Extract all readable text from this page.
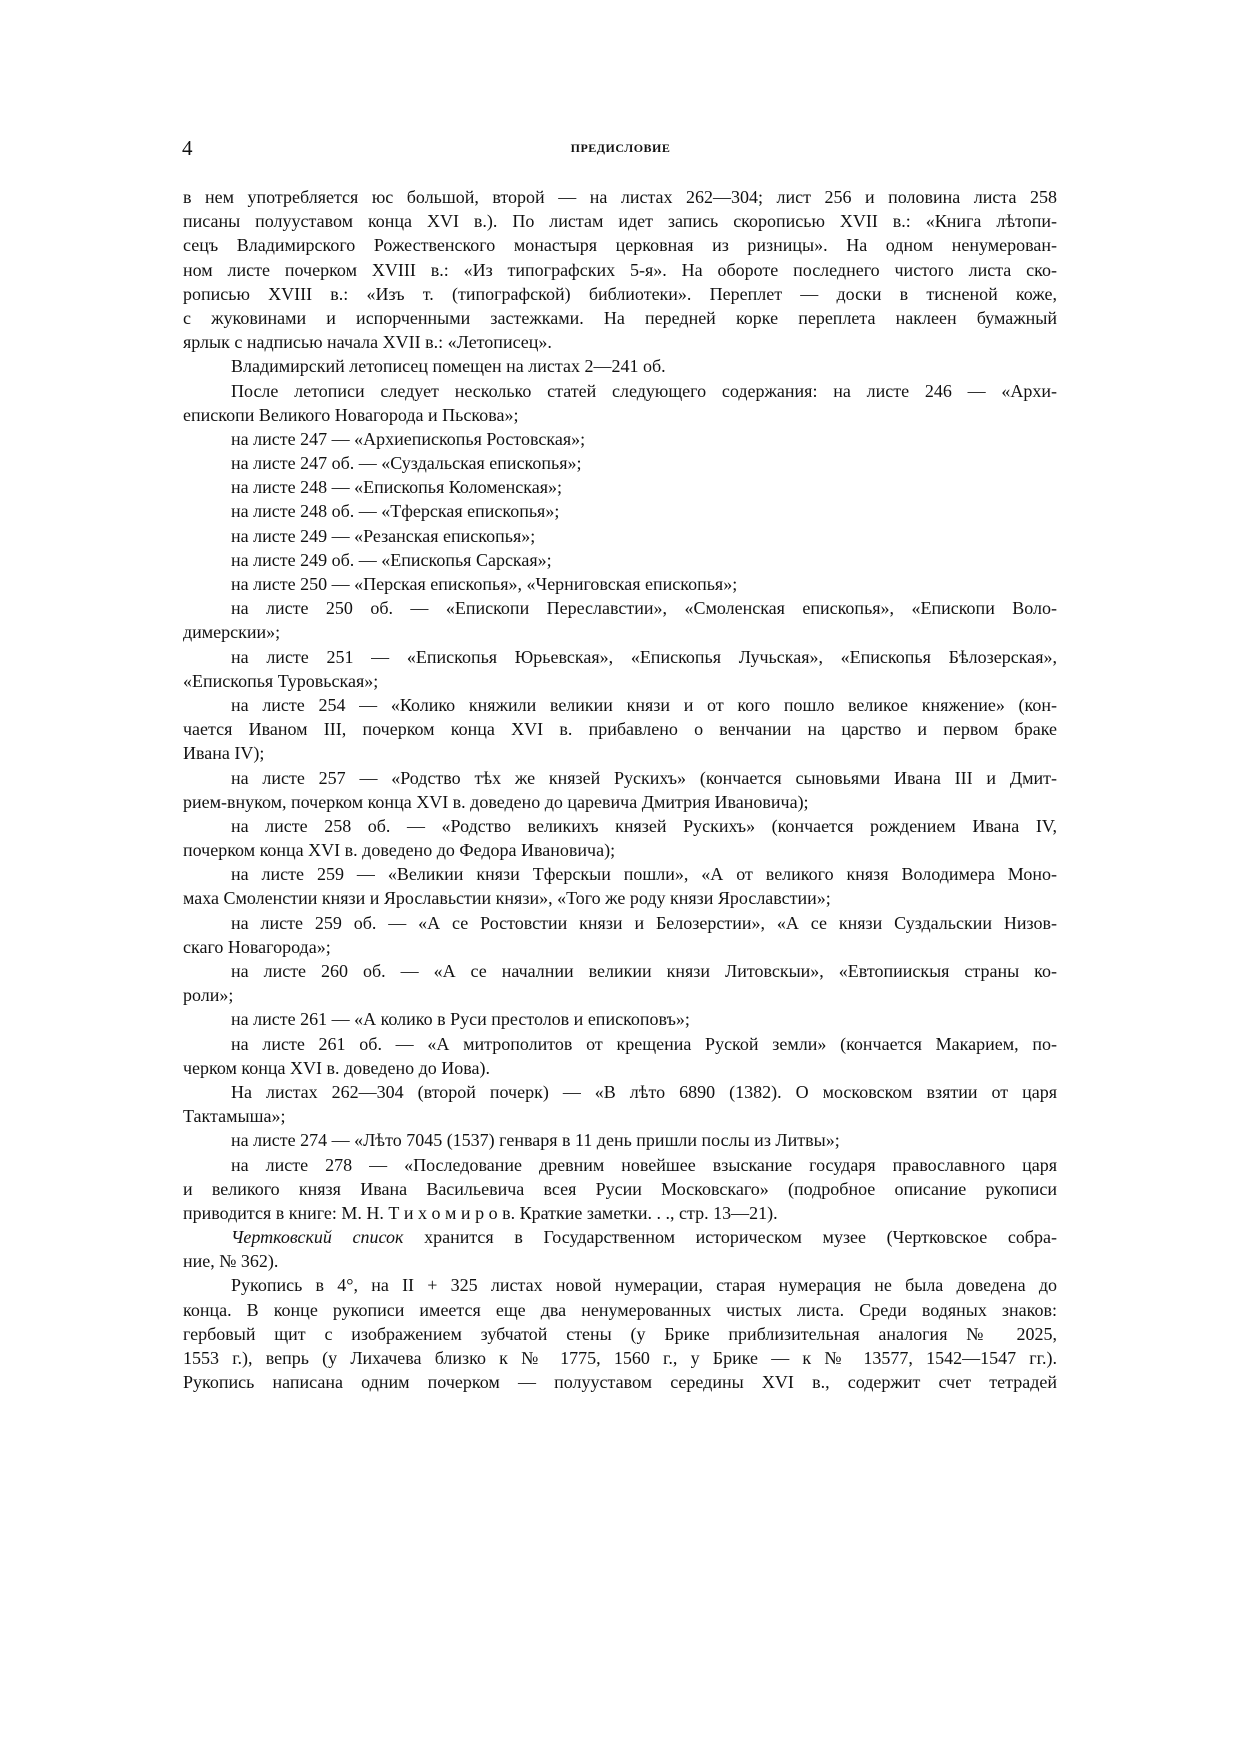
4	ПРЕДИСЛОВИЕ
в нем употребляется юс большой, второй — на листах 262—304; лист 256 и половина листа 258
писаны полууставом конца XVI в.). По листам идет запись скорописью XVII в.: «Книга лѣтопи-
сецъ Владимирского Рожественского монастыря церковная из ризницы». На одном ненумерован-
ном листе почерком XVIII в.: «Из типографских 5-я». На обороте последнего чистого листа ско-
рописью XVIII в.: «Изъ т. (типографской) библиотеки». Переплет — доски в тисненой коже,
с жуковинами и испорченными застежками. На передней корке переплета наклеен бумажный
ярлык с надписью начала XVII в.: «Летописец».
Владимирский летописец помещен на листах 2—241 об.
После летописи следует несколько статей следующего содержания: на листе 246 — «Архи-
епископи Великого Новагорода и Пьскова»;
на листе 247 — «Архиепископья Ростовская»;
на листе 247 об. — «Суздальская епископья»;
на листе 248 — «Епископья Коломенская»;
на листе 248 об. — «Тферская епископья»;
на листе 249 — «Резанская епископья»;
на листе 249 об. — «Епископья Сарская»;
на листе 250 — «Перская епископья», «Черниговская епископья»;
на листе 250 об. — «Епископи Переславстии», «Смоленская епископья», «Епископи Воло-
димерскии»;
на листе 251 — «Епископья Юрьевская», «Епископья Лучьская», «Епископья Бѣлозерская»,
«Епископья Туровьская»;
на листе 254 — «Колико княжили великии князи и от кого пошло великое княжение» (кон-
чается Иваном III, почерком конца XVI в. прибавлено о венчании на царство и первом браке
Ивана IV);
на листе 257 — «Родство тѣх же князей Рускихъ» (кончается сыновьями Ивана III и Дмит-
рием-внуком, почерком конца XVI в. доведено до царевича Дмитрия Ивановича);
на листе 258 об. — «Родство великихъ князей Рускихъ» (кончается рождением Ивана IV,
почерком конца XVI в. доведено до Федора Ивановича);
на листе 259 — «Великии князи Тферскыи пошли», «А от великого князя Володимера Моно-
маха Смоленстии князи и Ярославьстии князи», «Того же роду князи Ярославстии»;
на листе 259 об. — «А се Ростовстии князи и Белозерстии», «А се князи Суздальскии Низов-
скаго Новагорода»;
на листе 260 об. — «А се началнии великии князи Литовскыи», «Евтопиискыя страны ко-
роли»;
на листе 261 — «А колико в Руси престолов и епископовъ»;
на листе 261 об. — «А митрополитов от крещениа Руской земли» (кончается Макарием, по-
черком конца XVI в. доведено до Иова).
На листах 262—304 (второй почерк) — «В лѣто 6890 (1382). О московском взятии от царя
Тактамыша»;
на листе 274 — «Лѣто 7045 (1537) генваря в 11 день пришли послы из Литвы»;
на листе 278 — «Последование древним новейшее взыскание государя православного царя
и великого князя Ивана Васильевича всея Русии Московскаго» (подробное описание рукописи
приводится в книге: М. Н. Т и х о м и р о в. Краткие заметки. . ., стр. 13—21).
Чертковский список хранится в Государственном историческом музее (Чертковское собра-
ние, № 362).
Рукопись в 4°, на II + 325 листах новой нумерации, старая нумерация не была доведена до
конца. В конце рукописи имеется еще два ненумерованных чистых листа. Среди водяных знаков:
гербовый щит с изображением зубчатой стены (у Брике приблизительная аналогия № 2025,
1553 г.), вепрь (у Лихачева близко к № 1775, 1560 г., у Брике — к № 13577, 1542—1547 гг.).
Рукопись написана одним почерком — полууставом середины XVI в., содержит счет тетрадей
